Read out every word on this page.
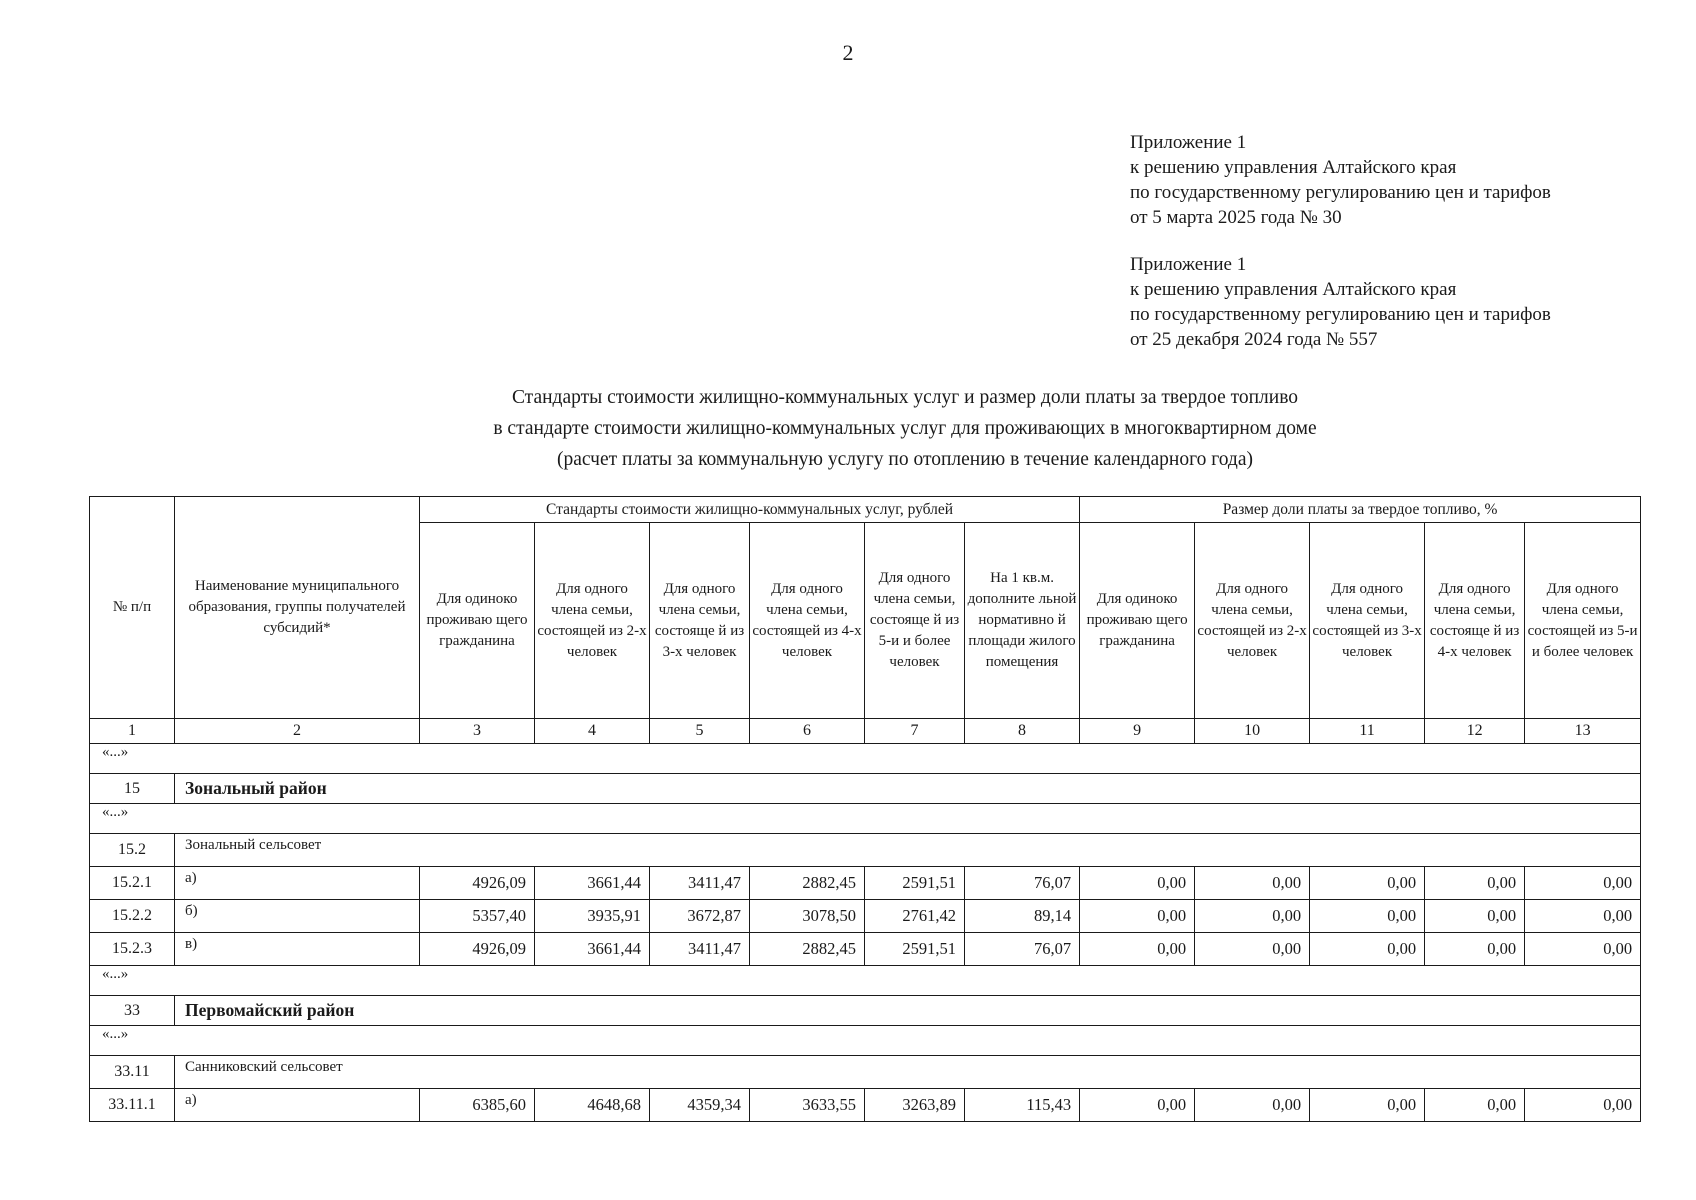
2
Приложение 1
к решению управления Алтайского края
по государственному регулированию цен и тарифов
от 5 марта 2025 года № 30
Приложение 1
к решению управления Алтайского края
по государственному регулированию цен и тарифов
от 25 декабря 2024 года № 557
Стандарты стоимости жилищно-коммунальных услуг и размер доли платы за твердое топливо
в стандарте стоимости жилищно-коммунальных услуг для проживающих в многоквартирном доме
(расчет платы за коммунальную услугу по отоплению в течение календарного года)
№ п/п	Наименование муниципального образования, группы получателей субсидий*	Стандарты стоимости жилищно-коммунальных услуг, рублей						Размер доли платы за твердое топливо, %				
		Для одиноко проживаю щего гражданина	Для одного члена семьи, состоящей из 2-х человек	Для одного члена семьи, состояще й из 3-х человек	Для одного члена семьи, состоящей из 4-х человек	Для одного члена семьи, состояще й из 5-и и более человек	На 1 кв.м. дополните льной нормативно й площади жилого помещения	Для одиноко проживаю щего гражданина	Для одного члена семьи, состоящей из 2-х человек	Для одного члена семьи, состоящей из 3-х человек	Для одного члена семьи, состояще й из 4-х человек	Для одного члена семьи, состоящей из 5-и и более человек
1	2	3	4	5	6	7	8	9	10	11	12	13
«...»												
15	Зональный район											
«...»												
15.2	Зональный сельсовет											
15.2.1	а)	4926,09	3661,44	3411,47	2882,45	2591,51	76,07	0,00	0,00	0,00	0,00	0,00
15.2.2	б)	5357,40	3935,91	3672,87	3078,50	2761,42	89,14	0,00	0,00	0,00	0,00	0,00
15.2.3	в)	4926,09	3661,44	3411,47	2882,45	2591,51	76,07	0,00	0,00	0,00	0,00	0,00
«...»												
33	Первомайский район											
«...»												
33.11	Санниковский сельсовет											
33.11.1	а)	6385,60	4648,68	4359,34	3633,55	3263,89	115,43	0,00	0,00	0,00	0,00	0,00
